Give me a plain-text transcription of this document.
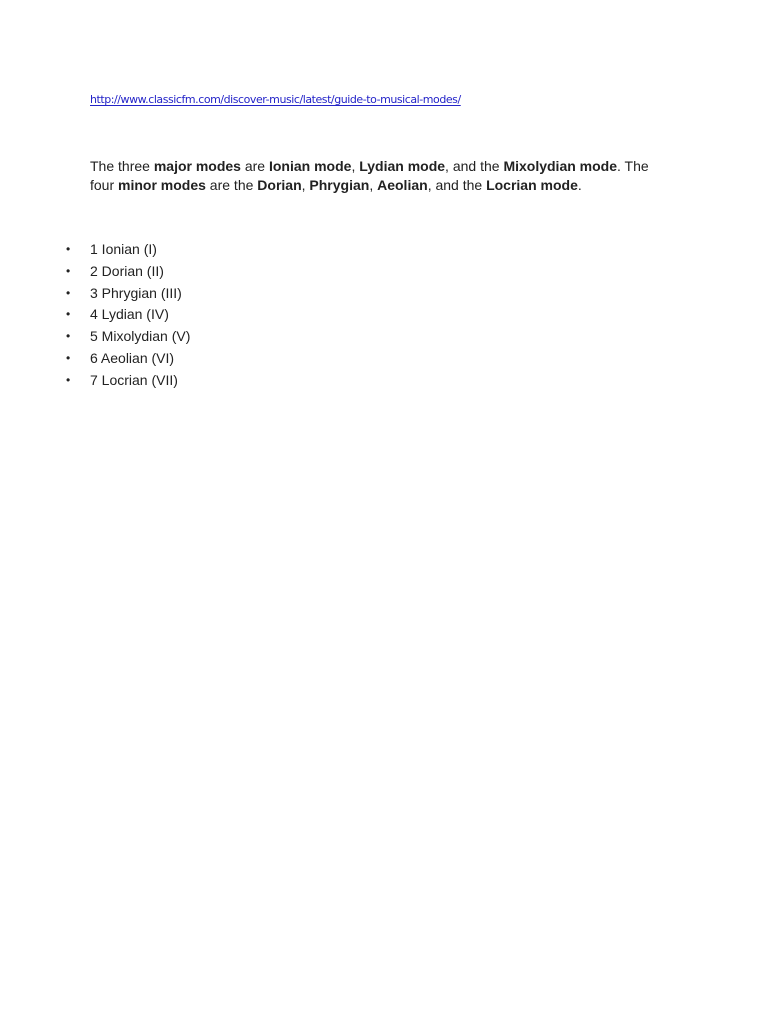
http://www.classicfm.com/discover-music/latest/guide-to-musical-modes/

The three major modes are Ionian mode, Lydian mode, and the Mixolydian mode. The four minor modes are the Dorian, Phrygian, Aeolian, and the Locrian mode.

• 1 Ionian (I)
• 2 Dorian (II)
• 3 Phrygian (III)
• 4 Lydian (IV)
• 5 Mixolydian (V)
• 6 Aeolian (VI)
• 7 Locrian (VII)
